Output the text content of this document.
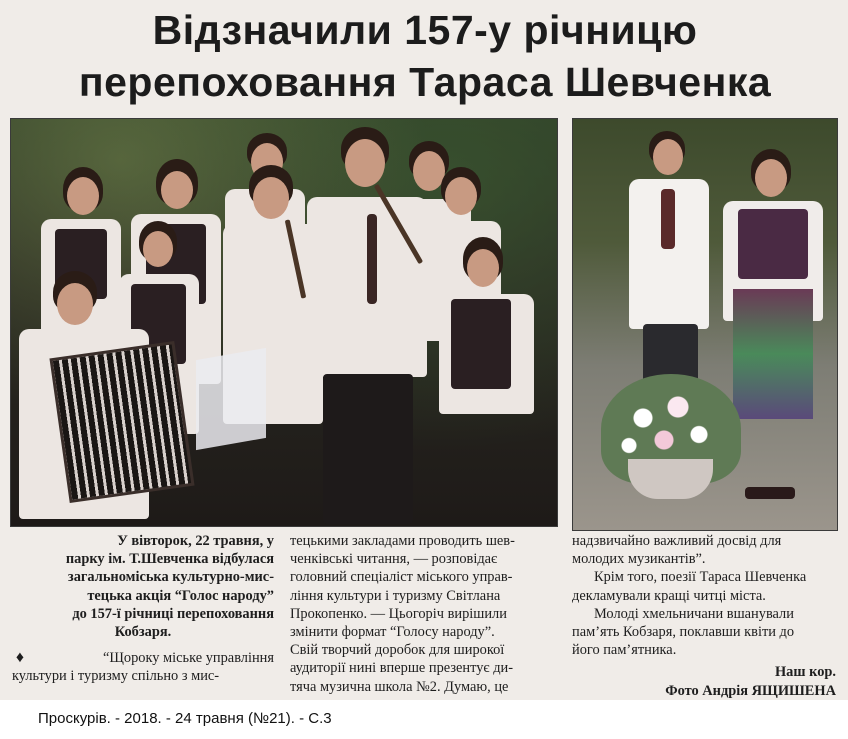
Відзначили 157-у річницю
перепоховання Тараса Шевченка

У вівторок, 22 травня, у

парку ім. Т.Шевченка відбулася

загальноміська культурно-мис-

тецька акція “Голос народу”

до 157-ї річниці перепоховання

Кобзаря.

♦	“Щороку міське управління

культури і туризму спільно з мис-

тецькими закладами проводить шев-

ченківські читання, — розповідає

головний спеціаліст міського управ-

ління культури і туризму Світлана

Прокопенко. — Цьогоріч вирішили

змінити формат “Голосу народу”.

Свій творчий доробок для широкої

аудиторії нині вперше презентує ди-

тяча музична школа №2. Думаю, це

надзвичайно важливий досвід для

молодих музикантів”.

Крім того, поезії Тараса Шевченка

декламували кращі читці міста.

Молоді хмельничани вшанували

пам’ять Кобзаря, поклавши квіти до

його пам’ятника.

Наш кор.

Фото Андрія ЯЩИШЕНА

Проскурів. - 2018. - 24 травня (№21). - С.3
